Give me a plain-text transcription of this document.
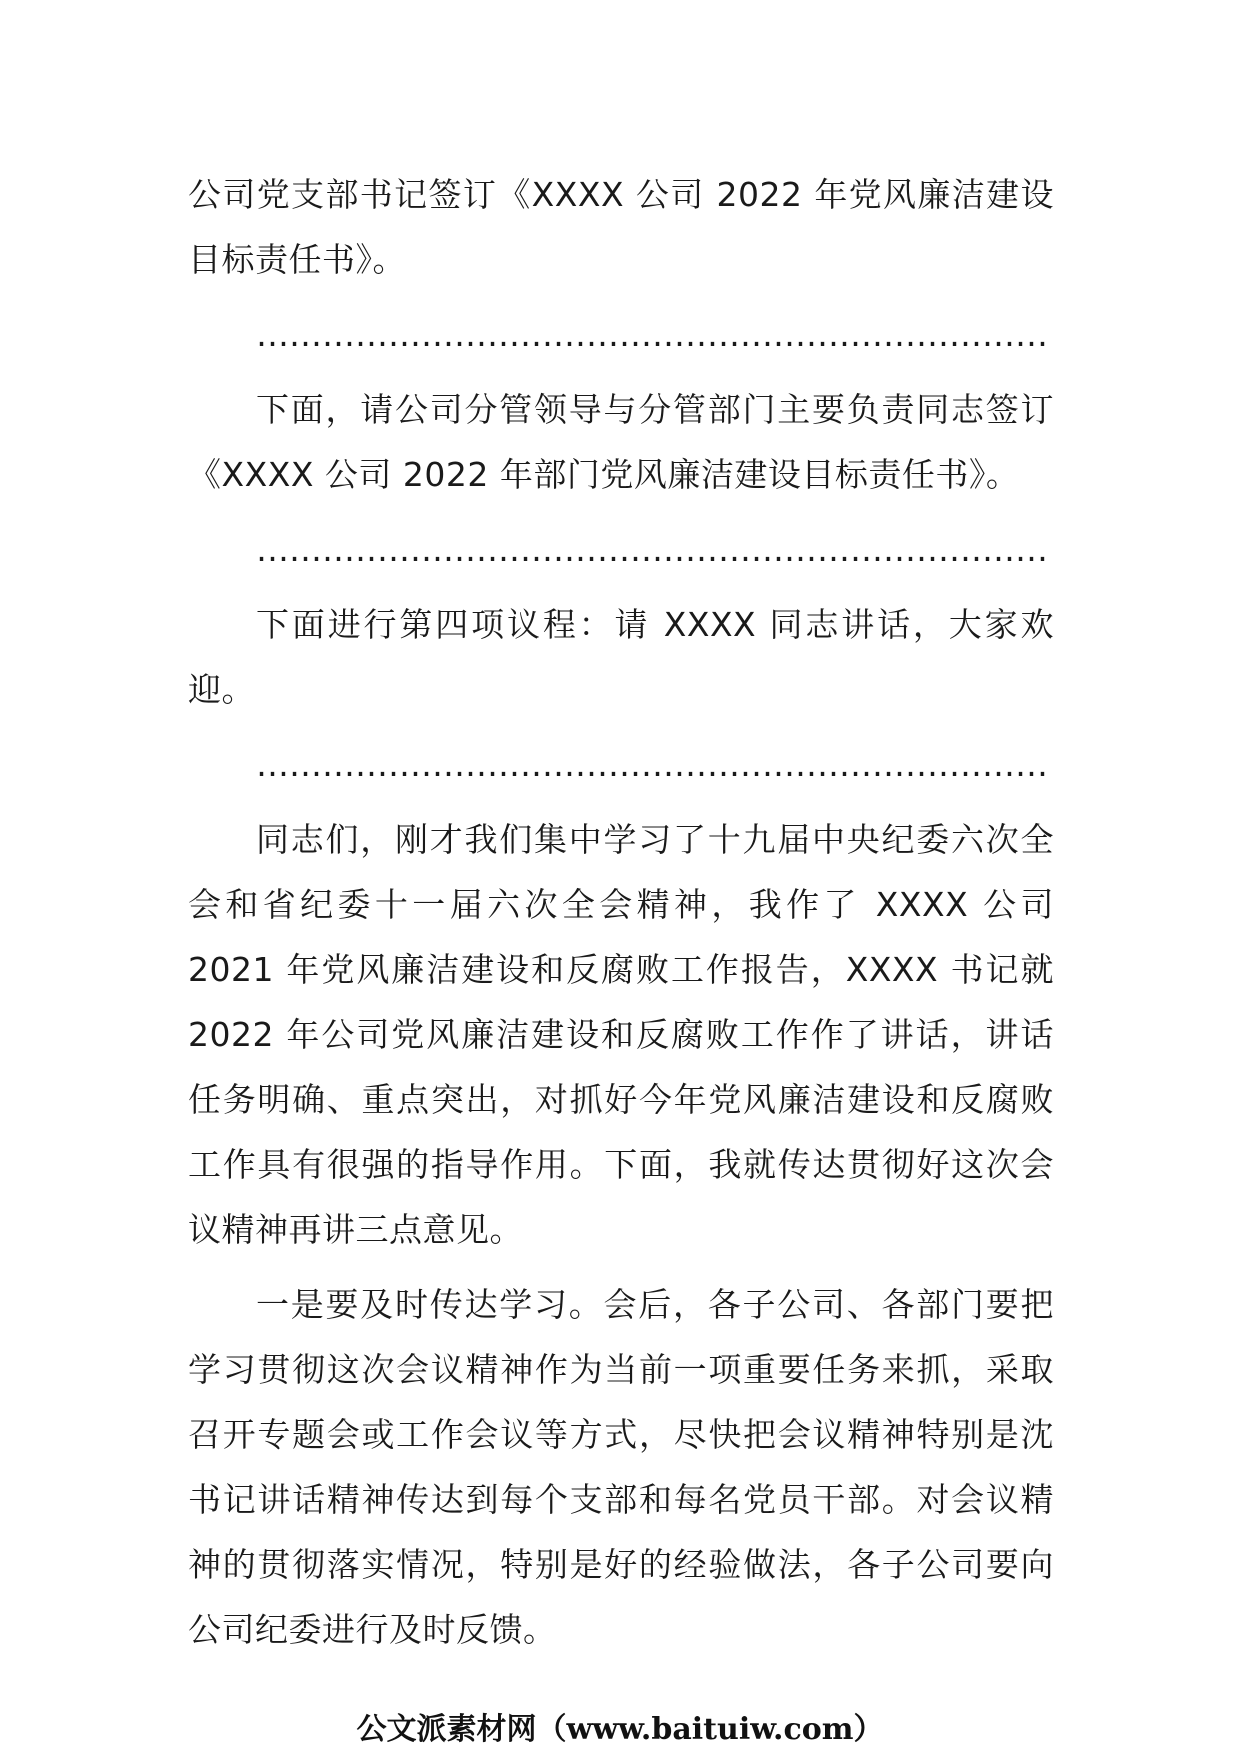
公司党支部书记签订《XXXX 公司 2022 年党风廉洁建设目标责任书》。

………………………………………………………………

下面，请公司分管领导与分管部门主要负责同志签订《XXXX 公司 2022 年部门党风廉洁建设目标责任书》。

………………………………………………………………

下面进行第四项议程：请 XXXX 同志讲话，大家欢迎。

………………………………………………………………

同志们，刚才我们集中学习了十九届中央纪委六次全会和省纪委十一届六次全会精神，我作了 XXXX 公司 2021 年党风廉洁建设和反腐败工作报告，XXXX 书记就 2022 年公司党风廉洁建设和反腐败工作作了讲话，讲话任务明确、重点突出，对抓好今年党风廉洁建设和反腐败工作具有很强的指导作用。下面，我就传达贯彻好这次会议精神再讲三点意见。

一是要及时传达学习。会后，各子公司、各部门要把学习贯彻这次会议精神作为当前一项重要任务来抓，采取召开专题会或工作会议等方式，尽快把会议精神特别是沈书记讲话精神传达到每个支部和每名党员干部。对会议精神的贯彻落实情况，特别是好的经验做法，各子公司要向公司纪委进行及时反馈。

公文派素材网（www.baituiw.com）
